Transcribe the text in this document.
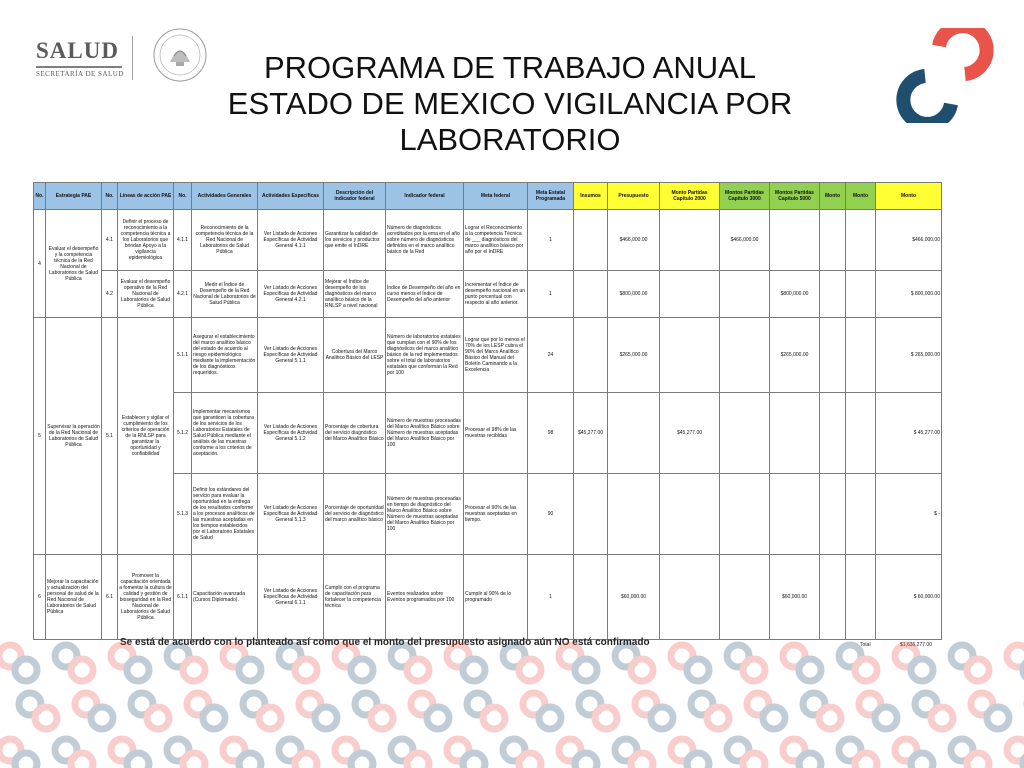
SALUD
SECRETARÍA DE SALUD	PROGRAMA DE TRABAJO ANUAL
ESTADO DE MEXICO VIGILANCIA POR
LABORATORIO
No.	Estrategia PAE	No.	Líneas de acción PAE	No.	Actividades Generales	Actividades Específicas	Descripción del indicador federal	Indicador federal	Meta federal	Meta Estatal Programada	Insumos	Presupuesto	Monto Partidas Capítulo 2000	Montos Partidas Capítulo 3000	Montos Partidas Capítulo 5000	Monto	Monto	Monto
4	Evaluar el desempeño y la competencia técnica de la Red Nacional de Laboratorios de Salud Pública	4.1	Definir el proceso de reconocimiento a la competencia técnica a los Laboratorios que brindan Apoyo a la vigilancia epidemiológica	4.1.1	Reconocimiento de la competencia técnica de la Red Nacional de Laboratorios de Salud Pública	Ver Listado de Acciones Específicas de Actividad General 4.1.1	Garantizar la calidad de los servicios y productos que emite el InDRE	Número de diagnósticos acreditados por la ema en el año sobre número de diagnósticos definidos en el marco analítico básico de la Red	Lograr el Reconocimiento a la competencia Técnica de ___ diagnósticos del marco analítico básico por año por el InDRE	1		$466,000.00		$466,000.00				$466,000.00
		4.2	Evaluar el desempeño operativo de la Red Nacional de Laboratorios de Salud Pública	4.2.1	Medir el Índice de Desempeño de la Red Nacional de Laboratorios de Salud Pública	Ver Listado de Acciones Específicas de Actividad General 4.2.1	Mejorar el Índice de desempeño de los diagnósticos del marco analítico básico de la RNLSP a nivel nacional	Índice de Desempeño del año en curso menos el Índice de Desempeño del año anterior	Incrementar el Índice de desempeño nacional en un punto porcentual con respecto al año anterior.	1		$800,000.00			$800,000.00			$ 800,000.00
5	Supervisar la operación de la Red Nacional de Laboratorios de Salud Pública	5.1	Establecer y vigilar el cumplimiento de los criterios de operación de la RNLSP para garantizar la oportunidad y confiabilidad	5.1.1	Asegurar el establecimiento del marco analítico básico del estado de acuerdo al riesgo epidemiológico mediante la implementación de los diagnósticos requeridos.	Ver Listado de Acciones Específicas de Actividad General 5.1.1	Cobertura del Marco Analítico Básico del LESP	Número de laboratorios estatales que cumplan con el 90% de los diagnósticos del marco analítico básico de la red implementados sobre el total de laboratorios estatales que conforman la Red por 100	Lograr que por lo menos el 70% de los LESP cubra el 90% del Marco Analítico Básico del Manual del Boletín Caminando a la Excelencia	24		$265,000.00			$265,000.00			$ 265,000.00
				5.1.2	Implementar mecanismos que garanticen la cobertura de los servicios de los Laboratorios Estatales de Salud Pública mediante el análisis de las muestras conforme a los criterios de aceptación.	Ver Listado de Acciones Específicas de Actividad General 5.1.2	Porcentaje de cobertura del servicio diagnóstico del Marco Analítico Básico	Número de muestras procesadas del Marco Analítico Básico sobre Número de muestras aceptadas del Marco Analítico Básico por 100	Procesar el 98% de las muestras recibidas	98	$45,277.00		$45,277.00					$ 45,277.00
				5.1.3	Definir los estándares del servicio para evaluar la oportunidad en la entrega de los resultados conforme a los procesos analíticos de las muestras aceptadas en los tiempos establecidos por el Laboratorio Estatales de Salud	Ver Listado de Acciones Específicas de Actividad General 5.1.3	Porcentaje de oportunidad del servicio de diagnóstico del marco analítico básico	Número de muestras procesadas en tiempo de diagnóstico del Marco Analítico Básico sobre Número de muestras aceptadas del Marco Analítico Básico por 100	Procesar el 90% de las muestras aceptadas en tiempo.	90								$ -
6	Mejorar la capacitación y actualización del personal de salud de la Red Nacional de Laboratorios de Salud Pública	6.1	Promover la capacitación orientada a fomentar la cultura de calidad y gestión de bioseguridad en la Red Nacional de Laboratorios de Salud Pública	6.1.1	Capacitación avanzada (Cursos Diplomado).	Ver Listado de Acciones Específicas de Actividad General 6.1.1	Cumplir con el programa de capacitación para fortalecer la competencia técnica	Eventos realizados sobre Eventos programados por 100	Cumplir al 90% de lo programado	1		$60,000.00			$60,000.00			$ 60,000.00
Se está de acuerdo con lo planteado así como que el monto del presupuesto asignado aún NO está confirmado	Total	$1,636,277.00
